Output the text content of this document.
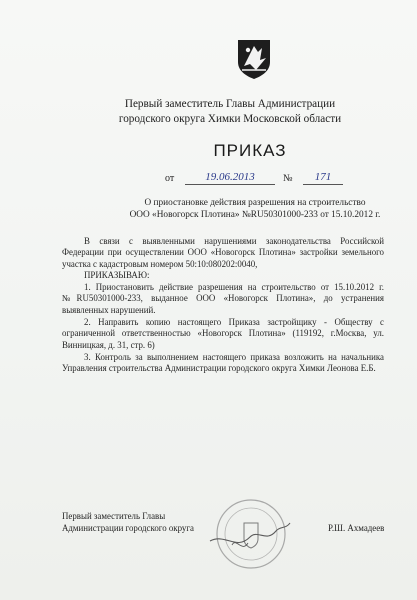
Первый заместитель Главы Администрации
городского округа Химки Московской области
ПРИКАЗ
от	19.06.2013	№	171
О приостановке действия разрешения на строительство
ООО «Новогорск Плотина» №RU50301000-233 от 15.10.2012 г.

В связи с выявленными нарушениями законодательства Российской Федерации при осуществлении ООО «Новогорск Плотина» застройки земельного участка с кадастровым номером 50:10:080202:0040,

ПРИКАЗЫВАЮ:

1. Приостановить действие разрешения на строительство от 15.10.2012 г. №RU50301000-233, выданное ООО «Новогорск Плотина», до устранения выявленных нарушений.

2. Направить копию настоящего Приказа застройщику - Обществу с ограниченной ответственностью «Новогорск Плотина» (119192, г.Москва, ул. Винницкая, д. 31, стр. 6)

3. Контроль за выполнением настоящего приказа возложить на начальника Управления строительства Администрации городского округа Химки Леонова Е.Б.

Первый заместитель Главы
Администрации городского округа	Р.Ш. Ахмадеев
